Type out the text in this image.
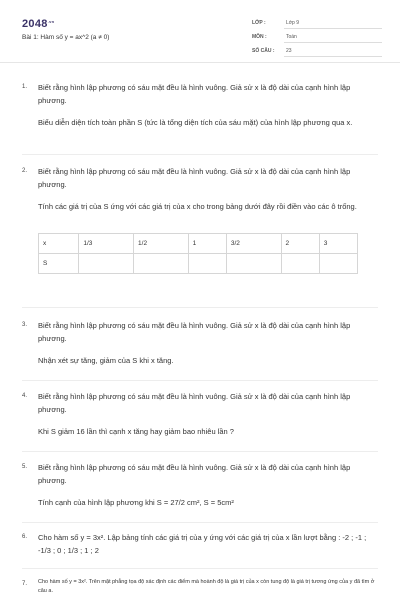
$2048^{.vn}$
Bài 1: Hàm số y = ax^2 (a ≠ 0)
LỚP :	Lớp 9
MÔN :	Toán
SỐ CÂU :	23
1. Biết rằng hình lập phương có sáu mặt đều là hình vuông. Giả sử x là độ dài của cạnh hình lập phương.

Biểu diễn diện tích toàn phần S (tức là tổng diện tích của sáu mặt) của hình lập phương qua x.

2. Biết rằng hình lập phương có sáu mặt đều là hình vuông. Giả sử x là độ dài của cạnh hình lập phương.

Tính các giá trị của S ứng với các giá trị của x cho trong bảng dưới đây rồi điền vào các ô trống.

x	1/3	1/2	1	3/2	2	3
S						
3. Biết rằng hình lập phương có sáu mặt đều là hình vuông. Giả sử x là độ dài của cạnh hình lập phương.

Nhận xét sự tăng, giảm của S khi x tăng.

4. Biết rằng hình lập phương có sáu mặt đều là hình vuông. Giả sử x là độ dài của cạnh hình lập phương.

Khi S giảm 16 lần thì cạnh x tăng hay giảm bao nhiêu lần ?

5. Biết rằng hình lập phương có sáu mặt đều là hình vuông. Giả sử x là độ dài của cạnh hình lập phương.

Tính cạnh của hình lập phương khi S = 27/2 cm², S = 5cm²

6. Cho hàm số y = 3x². Lập bảng tính các giá trị của y ứng với các giá trị của x lần lượt bằng : -2 ; -1 ; -1/3 ; 0 ; 1/3 ; 1 ; 2

7. Cho hàm số y = 3x². Trên mặt phẳng tọa độ xác định các điểm mà hoành độ là giá trị của x còn tung độ là giá trị tương ứng của y đã tìm ở câu a.
